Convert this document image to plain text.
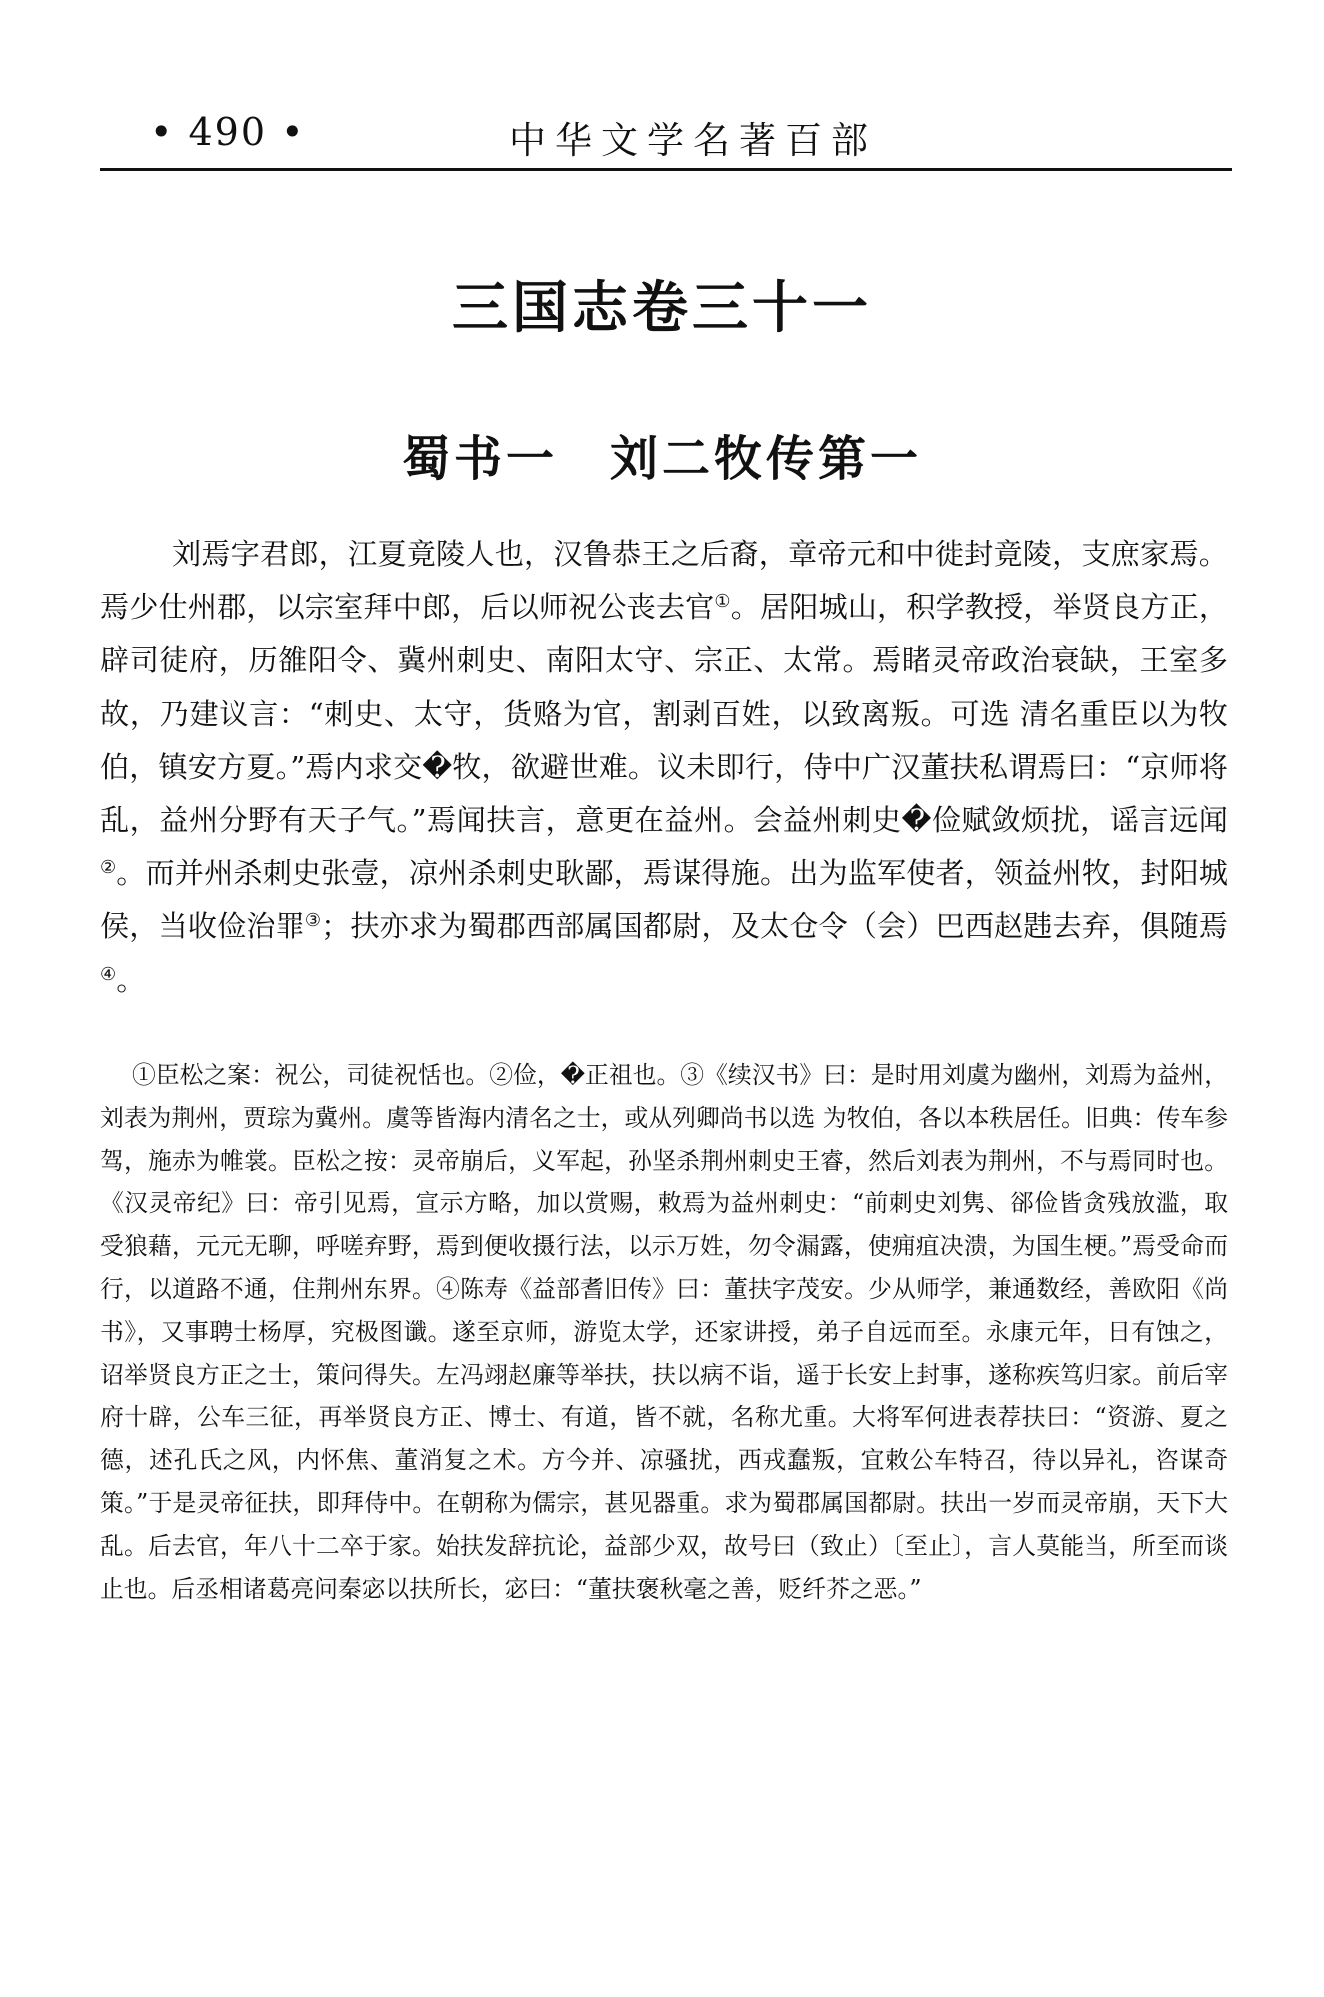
• 490 •	中华文学名著百部
三国志卷三十一
蜀书一　刘二牧传第一

刘焉字君郎，江夏竟陵人也，汉鲁恭王之后裔，章帝元和中徙封竟陵，支庶家焉。焉少仕州郡，以宗室拜中郎，后以师祝公丧去官①。居阳城山，积学教授，举贤良方正，辟司徒府，历雒阳令、冀州刺史、南阳太守、宗正、太常。焉睹灵帝政治衰缺，王室多故，乃建议言：“刺史、太守，货赂为官，割剥百姓，以致离叛。可选 清名重臣以为牧伯，镇安方夏。”焉内求交�牧，欲避世难。议未即行，侍中广汉董扶私谓焉曰：“京师将乱，益州分野有天子气。”焉闻扶言，意更在益州。会益州刺史�俭赋敛烦扰，谣言远闻②。而并州杀刺史张壹，凉州杀刺史耿鄙，焉谋得施。出为监军使者，领益州牧，封阳城侯，当收俭治罪③；扶亦求为蜀郡西部属国都尉，及太仓令（会）巴西赵韪去弃，俱随焉④。

①臣松之案：祝公，司徒祝恬也。②俭，�正祖也。③《续汉书》曰：是时用刘虞为幽州，刘焉为益州，刘表为荆州，贾琮为冀州。虞等皆海内清名之士，或从列卿尚书以选 为牧伯，各以本秩居任。旧典：传车参驾，施赤为帷裳。臣松之按：灵帝崩后，义军起，孙坚杀荆州刺史王睿，然后刘表为荆州，不与焉同时也。《汉灵帝纪》曰：帝引见焉，宣示方略，加以赏赐，敕焉为益州刺史：“前刺史刘隽、郤俭皆贪残放滥，取受狼藉，元元无聊，呼嗟弃野，焉到便收摄行法，以示万姓，勿令漏露，使痈疽决溃，为国生梗。”焉受命而行，以道路不通，住荆州东界。④陈寿《益部耆旧传》曰：董扶字茂安。少从师学，兼通数经，善欧阳《尚书》，又事聘士杨厚，究极图谶。遂至京师，游览太学，还家讲授，弟子自远而至。永康元年，日有蚀之，诏举贤良方正之士，策问得失。左冯翊赵廉等举扶，扶以病不诣，遥于长安上封事，遂称疾笃归家。前后宰府十辟，公车三征，再举贤良方正、博士、有道，皆不就，名称尤重。大将军何进表荐扶曰：“资游、夏之德，述孔氏之风，内怀焦、董消复之术。方今并、凉骚扰，西戎蠢叛，宜敕公车特召，待以异礼，咨谋奇策。”于是灵帝征扶，即拜侍中。在朝称为儒宗，甚见器重。求为蜀郡属国都尉。扶出一岁而灵帝崩，天下大乱。后去官，年八十二卒于家。始扶发辞抗论，益部少双，故号曰（致止）〔至止〕，言人莫能当，所至而谈止也。后丞相诸葛亮问秦宓以扶所长，宓曰：“董扶褒秋毫之善，贬纤芥之恶。”
